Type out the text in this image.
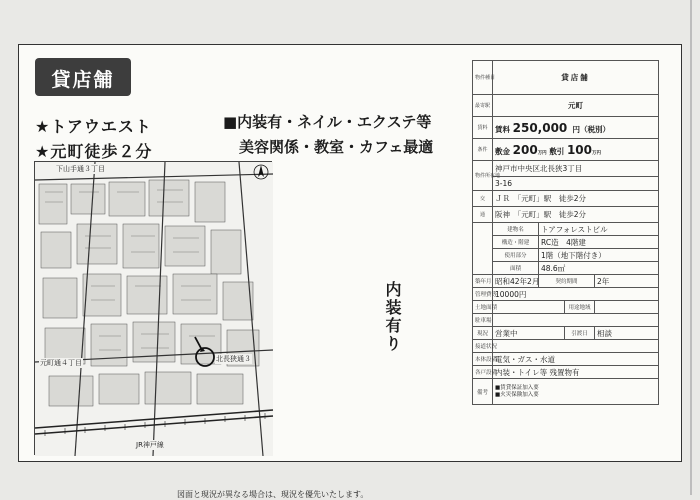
貸店舗
★トアウエスト
★元町徒歩２分
■内装有・ネイル・エクステ等
美容関係・教室・カフェ最適
下山手通３丁目
元町通４丁目	北長狭通３
JR神戸線
内装有り
図面と現況が異なる場合は、現況を優先いたします。
物件種目	貸店舗			
最寄駅	元町			
賃料	賃料 250,000 円（税別）			
条件	敷金 200万円 敷引 100万円			
物件所在地	神戸市中央区北長狭3丁目			
	3-16			
交	ＪＲ　「元町」駅　徒歩2分			
通	阪神　「元町」駅　徒歩2分			
	建物名	トアフォレストビル		
	構造・階建	RC造　4階建		
	使用部分	1階（地下階付き）		
	面積	48.6㎡		
築年月	昭和42年2月	契約期間		2年
管理費等	10000円			
土地面積			用途地域	
駐車場				
現況	営業中		引渡日	相談
接道状況				
本体設備	電気・ガス・水道			
各戸設備	内装・トイレ等 残置物有			
備考	■賃貸保証加入要
■火災保険加入要			
